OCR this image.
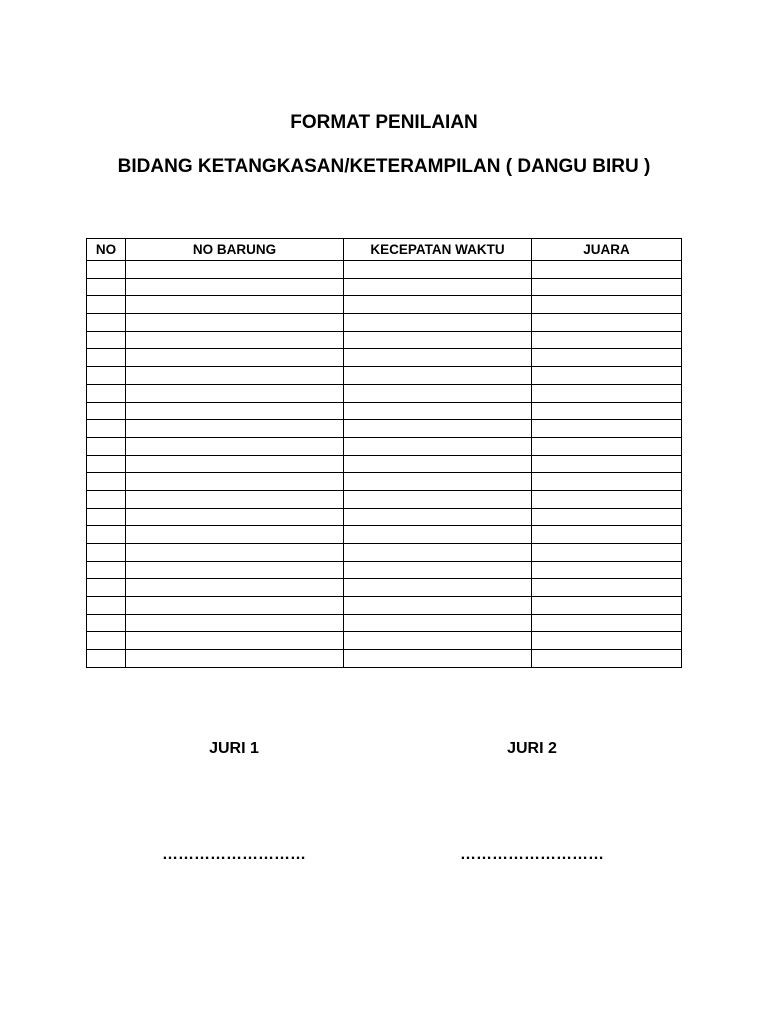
FORMAT PENILAIAN
BIDANG KETANGKASAN/KETERAMPILAN ( DANGU BIRU )
NO	NO BARUNG	KECEPATAN WAKTU	JUARA

JURI 1	JURI 2
………………………	………………………
